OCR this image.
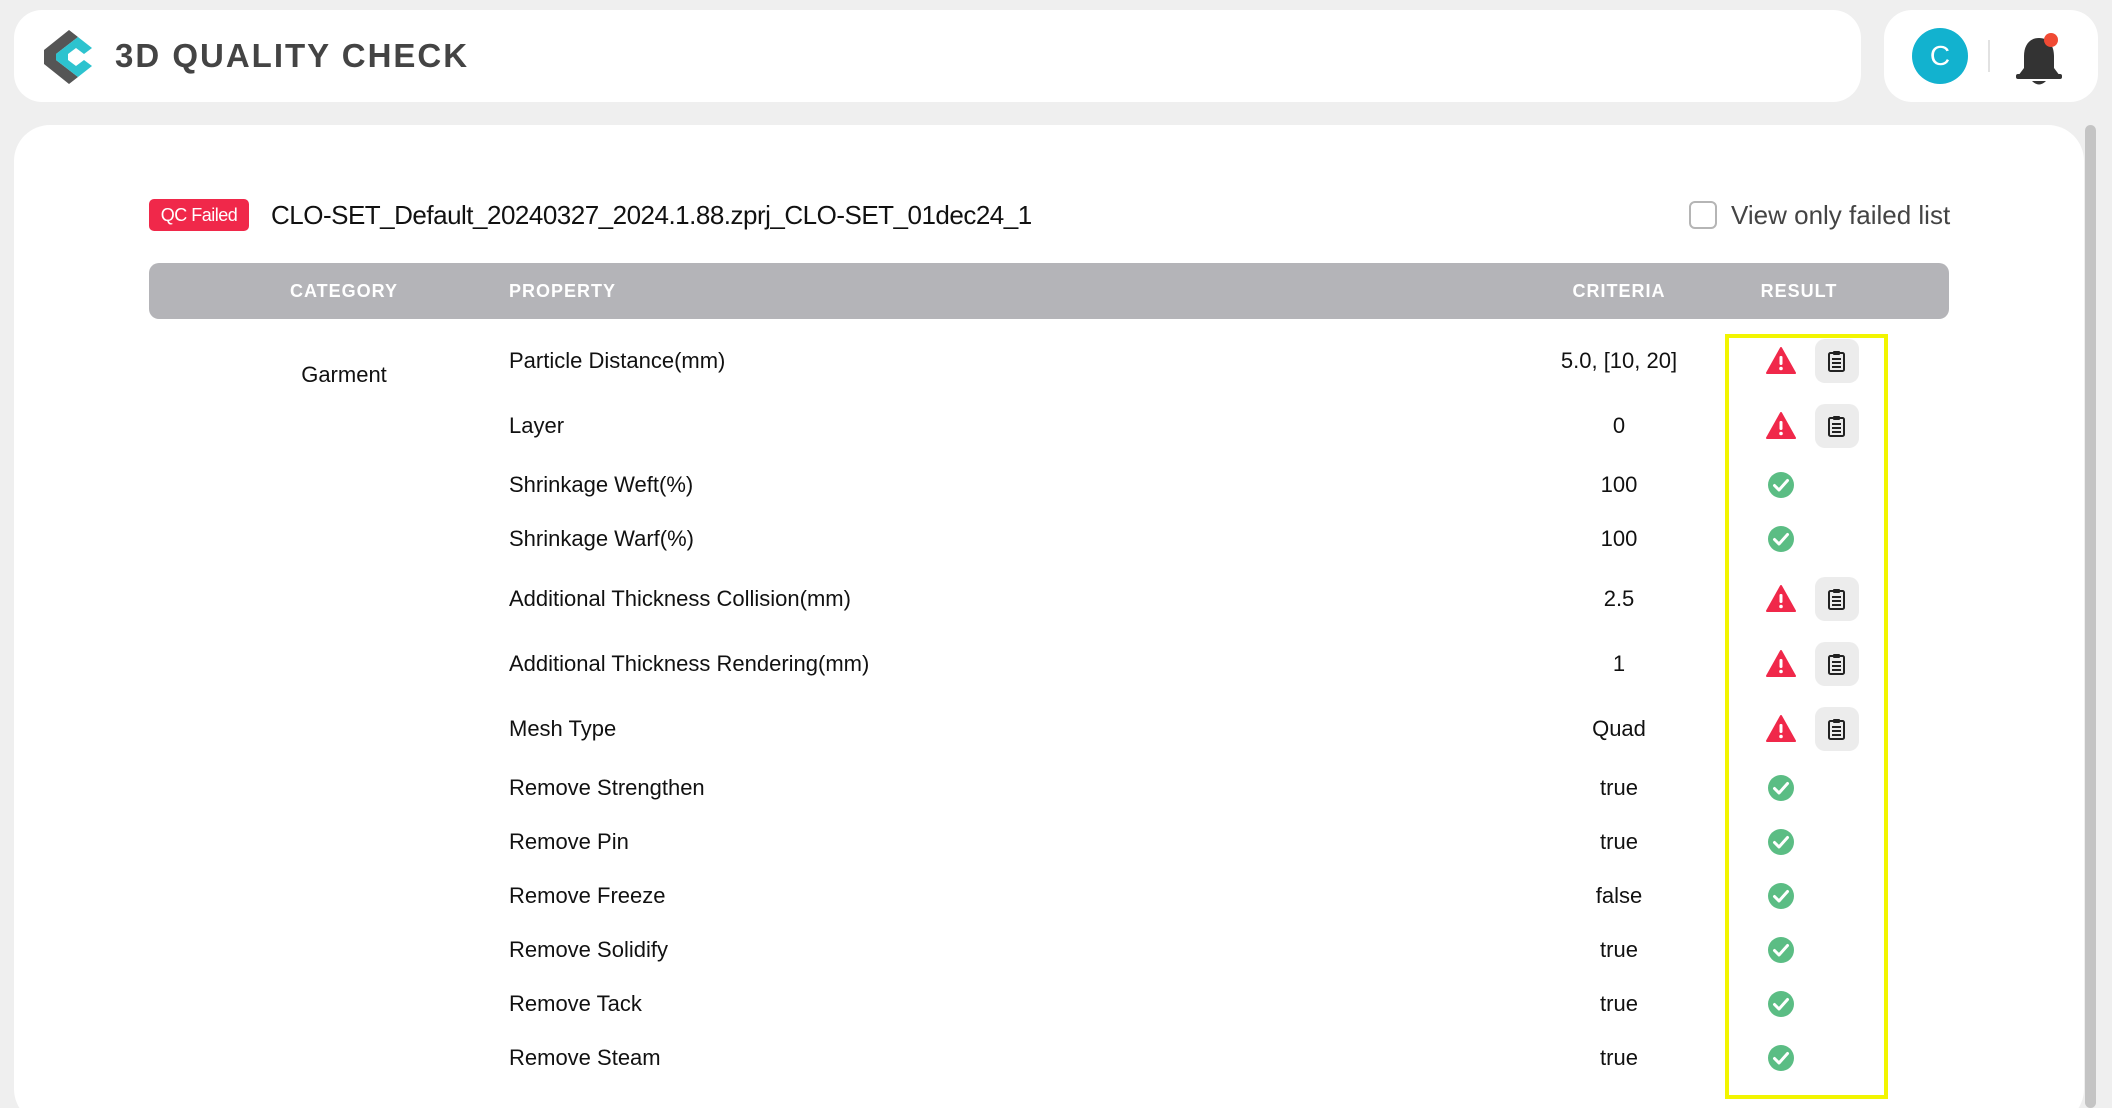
3D QUALITY CHECK	C
QC Failed	CLO-SET_Default_20240327_2024.1.88.zprj_CLO-SET_01dec24_1	View only failed list
CATEGORY	PROPERTY	CRITERIA	RESULT
Garment
Particle Distance(mm)	5.0, [10, 20]
Layer	0
Shrinkage Weft(%)	100
Shrinkage Warf(%)	100
Additional Thickness Collision(mm)	2.5
Additional Thickness Rendering(mm)	1
Mesh Type	Quad
Remove Strengthen	true
Remove Pin	true
Remove Freeze	false
Remove Solidify	true
Remove Tack	true
Remove Steam	true
